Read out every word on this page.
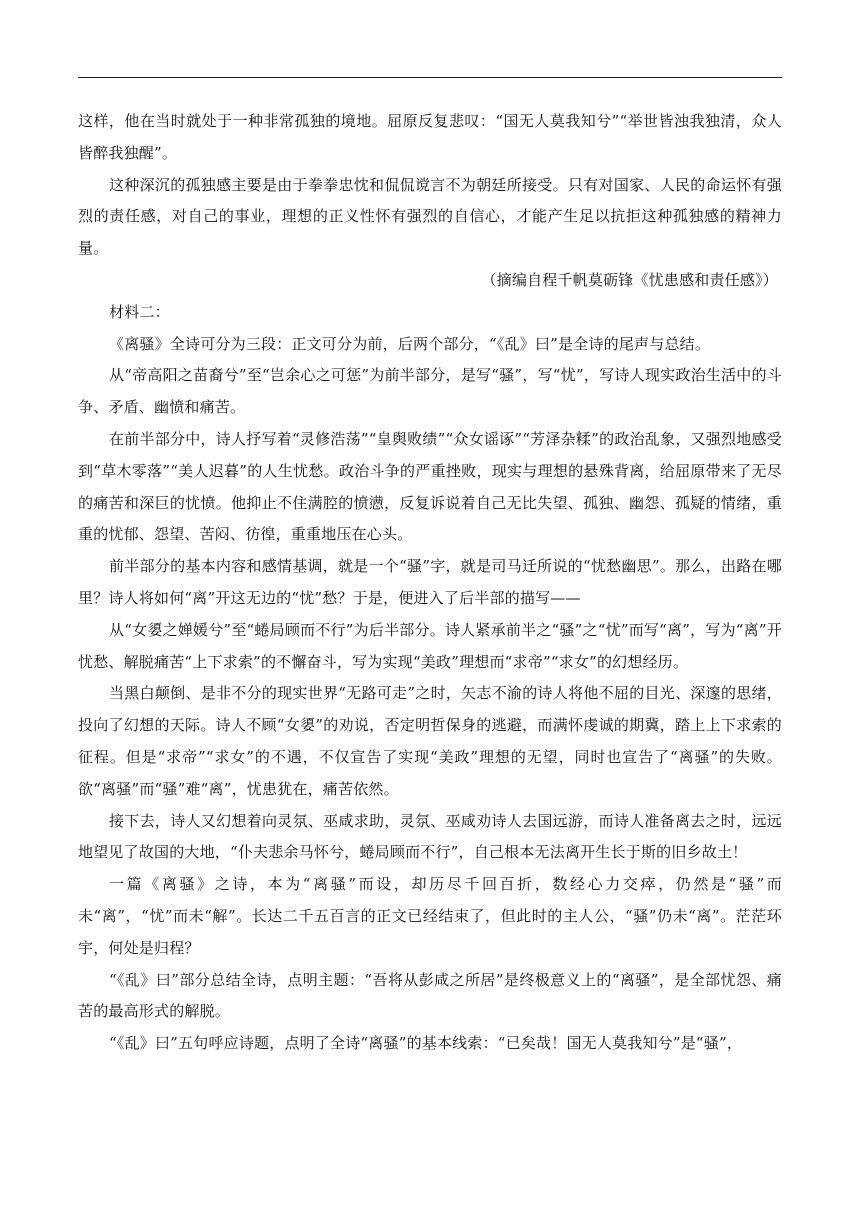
这样，他在当时就处于一种非常孤独的境地。屈原反复悲叹：“国无人莫我知兮”“举世皆浊我独清，众人皆醉我独醒”。

这种深沉的孤独感主要是由于拳拳忠忱和侃侃谠言不为朝廷所接受。只有对国家、人民的命运怀有强烈的责任感，对自己的事业，理想的正义性怀有强烈的自信心，才能产生足以抗拒这种孤独感的精神力量。

（摘编自程千帆莫砺锋《忧患感和责任感》）

材料二：

《离骚》全诗可分为三段：正文可分为前，后两个部分，“《乱》曰”是全诗的尾声与总结。

从“帝高阳之苗裔兮”至“岂余心之可惩”为前半部分，是写“骚”，写“忧”，写诗人现实政治生活中的斗争、矛盾、幽愤和痛苦。

在前半部分中，诗人抒写着“灵修浩荡”“皇舆败绩”“众女谣诼”“芳泽杂糅”的政治乱象，又强烈地感受到“草木零落”“美人迟暮”的人生忧愁。政治斗争的严重挫败，现实与理想的悬殊背离，给屈原带来了无尽的痛苦和深巨的忧愤。他抑止不住满腔的愤懑，反复诉说着自己无比失望、孤独、幽怨、孤疑的情绪，重重的忧郁、怨望、苦闷、彷徨，重重地压在心头。

前半部分的基本内容和感情基调，就是一个“骚”字，就是司马迁所说的“忧愁幽思”。那么，出路在哪里？诗人将如何“离”开这无边的“忧”愁？于是，便进入了后半部的描写——

从“女嬃之婵媛兮”至“蜷局顾而不行”为后半部分。诗人紧承前半之“骚”之“忧”而写“离”，写为“离”开忧愁、解脱痛苦“上下求索”的不懈奋斗，写为实现“美政”理想而“求帝”“求女”的幻想经历。

当黑白颠倒、是非不分的现实世界“无路可走”之时，矢志不渝的诗人将他不屈的目光、深邃的思绪，投向了幻想的天际。诗人不顾“女嬃”的劝说，否定明哲保身的逃避，而满怀虔诚的期冀，踏上上下求索的征程。但是“求帝”“求女”的不遇，不仅宣告了实现“美政”理想的无望，同时也宣告了“离骚”的失败。欲“离骚”而“骚”难“离”，忧患犹在，痛苦依然。

接下去，诗人又幻想着向灵氛、巫咸求助，灵氛、巫咸劝诗人去国远游，而诗人准备离去之时，远远地望见了故国的大地，“仆夫悲余马怀兮，蜷局顾而不行”，自己根本无法离开生长于斯的旧乡故土！

一篇《离骚》之诗，本为“离骚”而设，却历尽千回百折，数经心力交瘁，仍然是“骚”而未“离”，“忧”而未“解”。长达二千五百言的正文已经结束了，但此时的主人公，“骚”仍未“离”。茫茫环宇，何处是归程？

“《乱》曰”部分总结全诗，点明主题：“吾将从彭咸之所居”是终极意义上的“离骚”，是全部忧怨、痛苦的最高形式的解脱。

“《乱》曰”五句呼应诗题，点明了全诗“离骚”的基本线索：“已矣哉！国无人莫我知兮”是“骚”，
